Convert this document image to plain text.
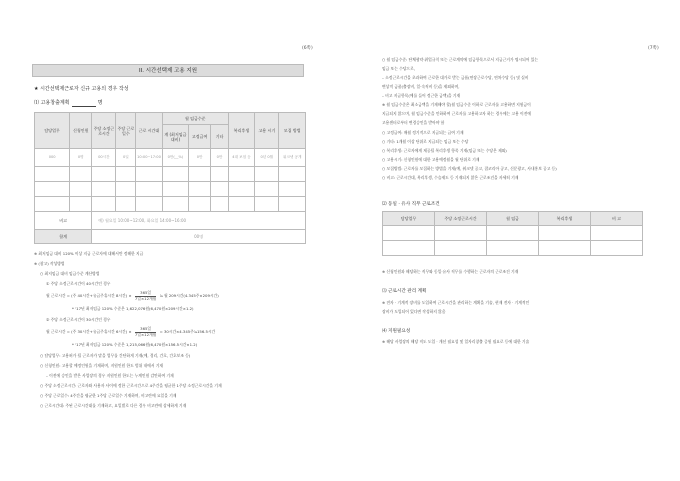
(6쪽)
II. 시간선택제 고용 지원
★ 시간선택제근로자 신규 고용의 경우 작성
⑴ 고용창출계획	명
담당업무	신청인원	주당 소정근로시간	주당 근로일수	근로 시간대	월 임금수준			복리후생	고용 시기	모집 방법
					계 (최저임금 대비)	고정급여	기타			
000	0명	00시간	0일	10:00~17:00	0만(__%)	0만	0만	4대 보험 등	0년 0월	워크넷 공개

비고		예) 월요일 10:00~12:00, 화요일 14:00~16:00								
합계		00명								
※ 최저임금 대비 120% 이상 지급 근로자에 대해서만 정해한 지급
※ (참고) 작성방법
○ 최저임금 대비 임금수준 계산방법
① 주당 소정근로시간이 40시간인 경우
월 근로시간 = (주 40시간+유급주휴시간 8시간) × $\frac{\text{365일}}{\text{7일×12개월}}$ ≒ 월 209시간(4.345주×209시간)
* '17년 최저임금 120% 수준은 1,622,076원(6,470원×209시간×1.2)
② 주당 소정근로시간이 30시간인 경우
월 근로시간 = (주 30시간+유급주휴시간 6시간) × $\frac{\text{365일}}{\text{7일×12개월}} = 30$시간×4.345주≒156.5시간
* '17년 최저임금 120% 수준은 1,215,066원(6,470원×156.5시간×1.2)
○ 담당업무: 고용허가 될 근로자가 맡을 업무를 간단하게 기재(예, 경리, 간호, 간호보조 등)
○ 신청인원: 고용할 예정인원을 기재하며, 지원인원 한도 범위 내에서 기재
– 이전에 승인을 받은 사업장의 경우 지원인원 한도는 누계인원 감안하여 기재
○ 주당 소정근로시간: 근로자와 사용자 사이에 정한 근로시간으로 4주간을 평균한 1주당 소정근로시간을 기재
○ 주당 근로일수: 4주간을 평균한 1주당 근로일수 기재하며, 비고란에 요일을 기재
○ 근로시간대: 주된 근로시간대를 기재하고, 요일별로 다른 경우 비고란에 상세하게 기재
(7쪽)
○ 월 임금수준: 단체협약·취업규칙 또는 근로계약에 임금항목으로서 지급근거가 명시되어 있는
임금 또는 수당으로,
– 소정근로시간을 초과하여 근로한 대가로 받는 금품(연장근로수당, 연차수당 등) 및 실비
변상적 금품(출장비, 일·숙직비 등)을 제외하며,
– 비고 지급항목(예를 들어 정근한 금액)을 기재
※ 월 임금수준은 최소금액을 기재해야 할(월 임금수준 이하로 근로자를 고용하면 지원금이
지급되지 않으며, 월 임금수준을 인하하여 근로자를 고용하고자 하는 경우에는 고용 이전에
고용센터로부터 변경승인을 받아야 함
○ 고정급여: 매월 정기적으로 지급되는 급여 기재
○ 기타: 1개월 이상 단위로 지급되는 임금 또는 수당
○ 복리후생: 근로자에게 제공될 복리후생 항목 기재(임금 또는 수당은 제외)
○ 고용시기: 신청인원에 대한 고용예정월을 월 단위로 기재
○ 모집방법: 근로자를 모집하는 방법을 기재(예, 워크넷 공고, 잡코리아 공고, 신문광고, 사내홍보 공고 등)
○ 비고: 근로시간대, 복리후생, 수습제도 등 기재되지 않은 근로조건을 자세히 기재
⑵ 동일 · 유사 직무 근로조건
담당업무	주당 소정근로시간	월 임금	복리후생	비 고

※ 신청인원과 해당하는 직무와 동일·유사 직무를 수행하는 근로자의 근로조건 기재
⑶ 근로시간 관리 계획
※ 전자 · 기계적 장비를 도입하여 근로시간을 관리하는 계획을 기술, 현재 전자 · 기계적인
장비가 도입되어 있다면 작성하지 않음
⑷ 지원필요성
※ 해당 사업장의 해당 직도 도입 · 개선 필요성 및 일자리창출 증원 필요로 등에 대한 기술
